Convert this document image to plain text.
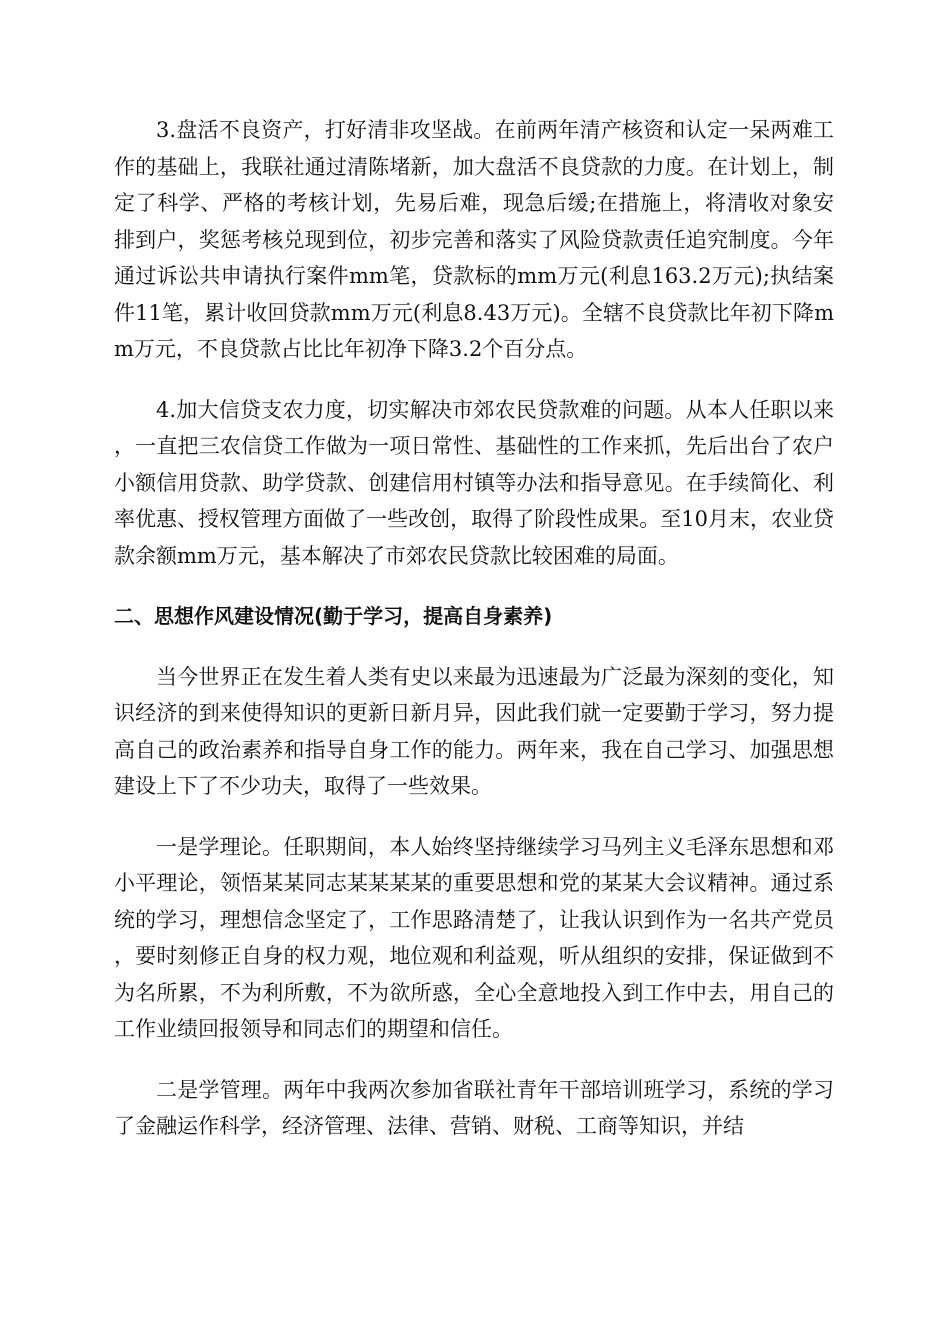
3.盘活不良资产，打好清非攻坚战。在前两年清产核资和认定一呆两难工作的基础上，我联社通过清陈堵新，加大盘活不良贷款的力度。在计划上，制定了科学、严格的考核计划，先易后难，现急后缓;在措施上，将清收对象安排到户，奖惩考核兑现到位，初步完善和落实了风险贷款责任追究制度。今年通过诉讼共申请执行案件mm笔，贷款标的mm万元(利息163.2万元);执结案件11笔，累计收回贷款mm万元(利息8.43万元)。全辖不良贷款比年初下降mm万元，不良贷款占比比年初净下降3.2个百分点。

4.加大信贷支农力度，切实解决市郊农民贷款难的问题。从本人任职以来，一直把三农信贷工作做为一项日常性、基础性的工作来抓，先后出台了农户小额信用贷款、助学贷款、创建信用村镇等办法和指导意见。在手续简化、利率优惠、授权管理方面做了一些改创，取得了阶段性成果。至10月末，农业贷款余额mm万元，基本解决了市郊农民贷款比较困难的局面。

二、思想作风建设情况(勤于学习，提高自身素养)

当今世界正在发生着人类有史以来最为迅速最为广泛最为深刻的变化，知识经济的到来使得知识的更新日新月异，因此我们就一定要勤于学习，努力提高自己的政治素养和指导自身工作的能力。两年来，我在自己学习、加强思想建设上下了不少功夫，取得了一些效果。

一是学理论。任职期间，本人始终坚持继续学习马列主义毛泽东思想和邓小平理论，领悟某某同志某某某某的重要思想和党的某某大会议精神。通过系统的学习，理想信念坚定了，工作思路清楚了，让我认识到作为一名共产党员，要时刻修正自身的权力观，地位观和利益观，听从组织的安排，保证做到不为名所累，不为利所敷，不为欲所惑，全心全意地投入到工作中去，用自己的工作业绩回报领导和同志们的期望和信任。

二是学管理。两年中我两次参加省联社青年干部培训班学习，系统的学习了金融运作科学，经济管理、法律、营销、财税、工商等知识，并结
